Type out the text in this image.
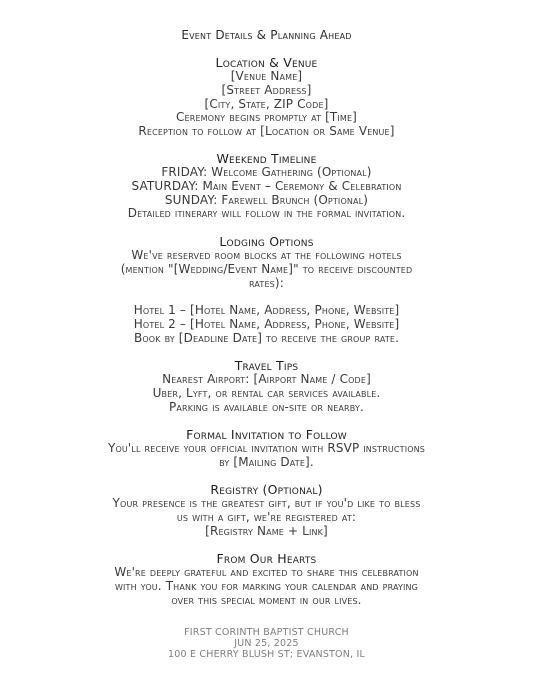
Event Details & Planning Ahead
Location & Venue
[Venue Name]
[Street Address]
[City, State, ZIP Code]
Ceremony begins promptly at [Time]
Reception to follow at [Location or Same Venue]
Weekend Timeline
FRIDAY: Welcome Gathering (Optional)
SATURDAY: Main Event – Ceremony & Celebration
SUNDAY: Farewell Brunch (Optional)
Detailed itinerary will follow in the formal invitation.
Lodging Options
We've reserved room blocks at the following hotels
(mention "[Wedding/Event Name]" to receive discounted
rates):
Hotel 1 – [Hotel Name, Address, Phone, Website]
Hotel 2 – [Hotel Name, Address, Phone, Website]
Book by [Deadline Date] to receive the group rate.
Travel Tips
Nearest Airport: [Airport Name / Code]
Uber, Lyft, or rental car services available.
Parking is available on-site or nearby.
Formal Invitation to Follow
You'll receive your official invitation with RSVP instructions
by [Mailing Date].
Registry (Optional)
Your presence is the greatest gift, but if you'd like to bless
us with a gift, we're registered at:
[Registry Name + Link]
From Our Hearts
We're deeply grateful and excited to share this celebration
with you. Thank you for marking your calendar and praying
over this special moment in our lives.
FIRST CORINTH BAPTIST CHURCH
JUN 25, 2025
100 E CHERRY BLUSH ST; EVANSTON, IL
